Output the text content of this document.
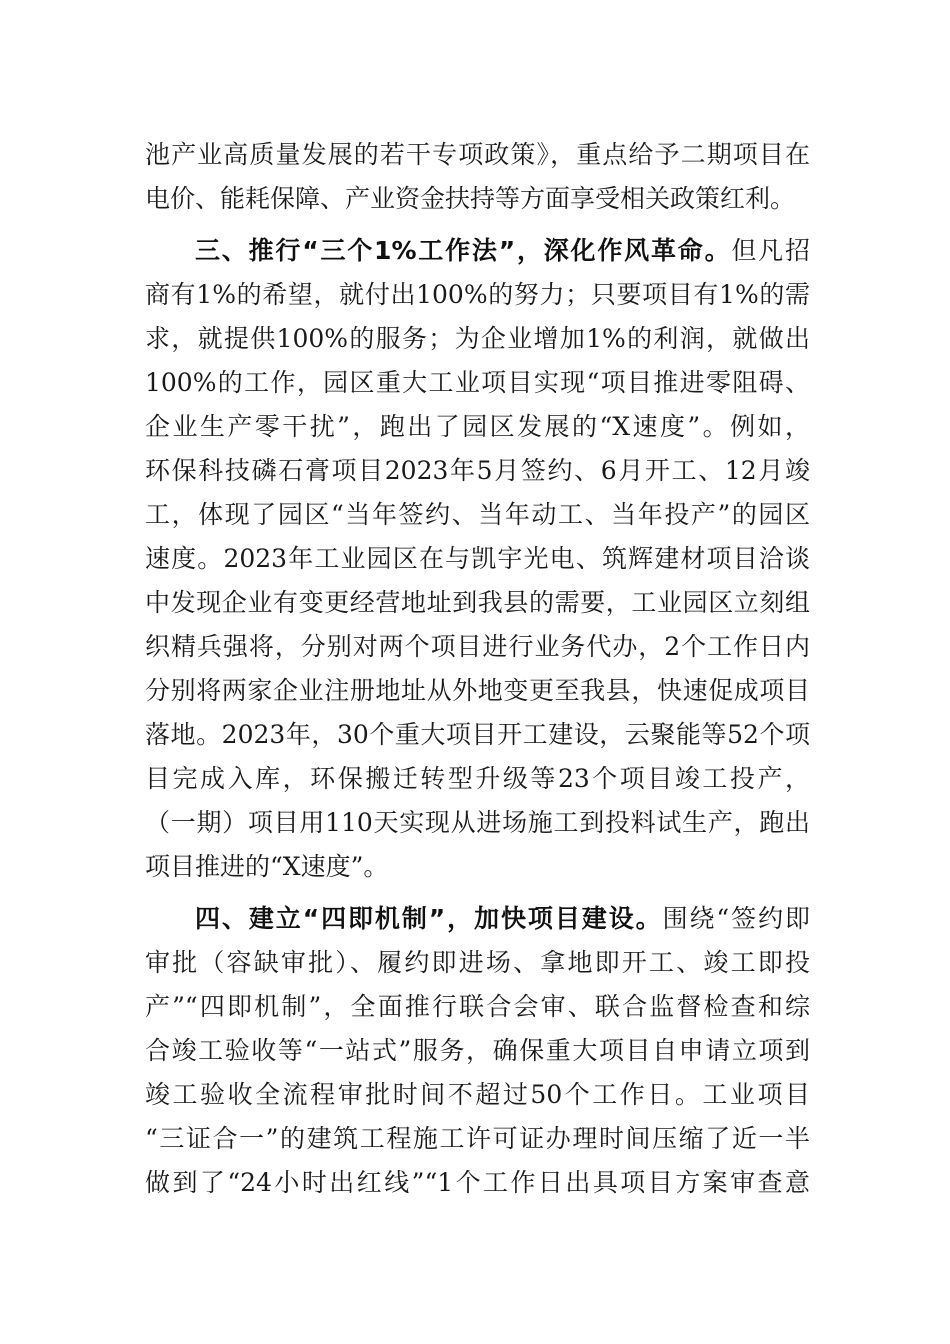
池产业高质量发展的若干专项政策》，重点给予二期项目在
电价、能耗保障、产业资金扶持等方面享受相关政策红利。
三、推行“三个1%工作法”，深化作风革命。但凡招
商有1%的希望，就付出100%的努力；只要项目有1%的需
求，就提供100%的服务；为企业增加1%的利润，就做出
100%的工作，园区重大工业项目实现“项目推进零阻碍、
企业生产零干扰”，跑出了园区发展的“X速度”。例如，
环保科技磷石膏项目2023年5月签约、6月开工、12月竣
工，体现了园区“当年签约、当年动工、当年投产”的园区
速度。2023年工业园区在与凯宇光电、筑辉建材项目洽谈
中发现企业有变更经营地址到我县的需要，工业园区立刻组
织精兵强将，分别对两个项目进行业务代办，2个工作日内
分别将两家企业注册地址从外地变更至我县，快速促成项目
落地。2023年，30个重大项目开工建设，云聚能等52个项
目完成入库，环保搬迁转型升级等23个项目竣工投产，
（一期）项目用110天实现从进场施工到投料试生产，跑出
项目推进的“X速度”。
四、建立“四即机制”，加快项目建设。围绕“签约即
审批（容缺审批）、履约即进场、拿地即开工、竣工即投
产”“四即机制”，全面推行联合会审、联合监督检查和综
合竣工验收等“一站式”服务，确保重大项目自申请立项到
竣工验收全流程审批时间不超过50个工作日。工业项目
“三证合一”的建筑工程施工许可证办理时间压缩了近一半
做到了“24小时出红线”“1个工作日出具项目方案审查意
